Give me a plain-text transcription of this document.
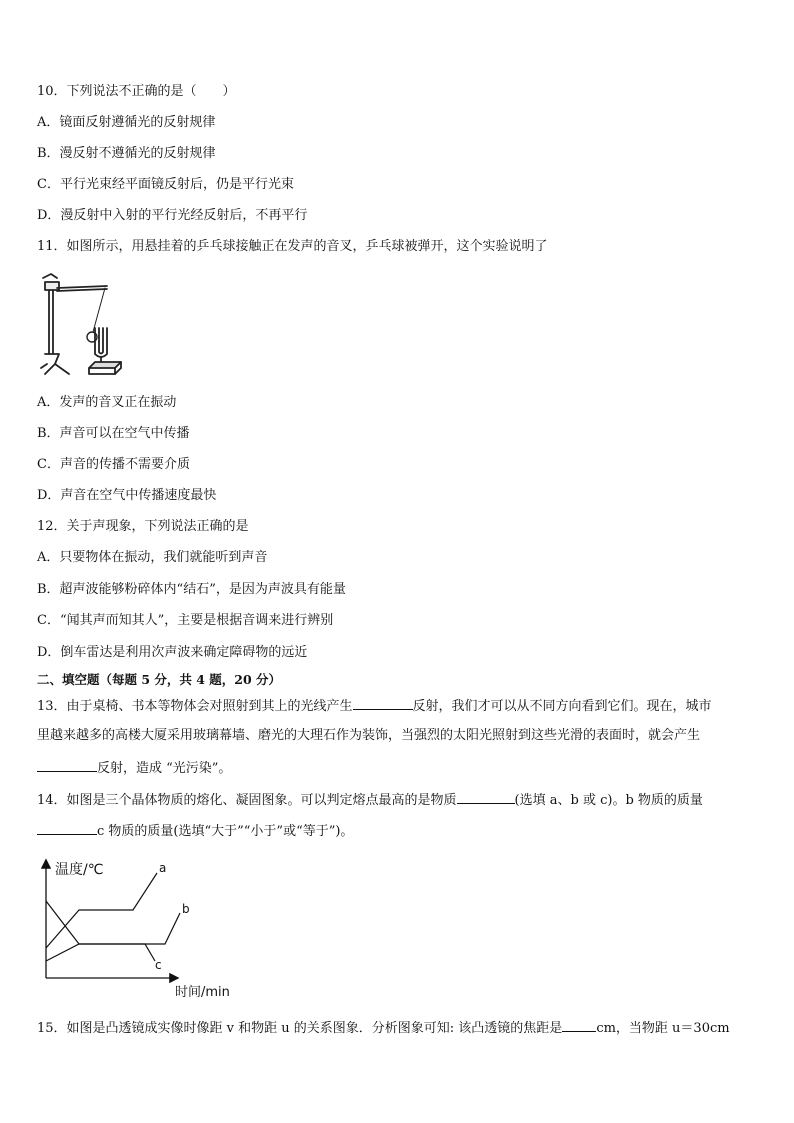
10．下列说法不正确的是（　　）
A．镜面反射遵循光的反射规律
B．漫反射不遵循光的反射规律
C．平行光束经平面镜反射后，仍是平行光束
D．漫反射中入射的平行光经反射后，不再平行
11．如图所示，用悬挂着的乒乓球接触正在发声的音叉，乒乓球被弹开，这个实验说明了
A．发声的音叉正在振动
B．声音可以在空气中传播
C．声音的传播不需要介质
D．声音在空气中传播速度最快
12．关于声现象，下列说法正确的是
A．只要物体在振动，我们就能听到声音
B．超声波能够粉碎体内“结石”，是因为声波具有能量
C．“闻其声而知其人”，主要是根据音调来进行辨别
D．倒车雷达是利用次声波来确定障碍物的远近
二、填空题（每题 5 分，共 4 题，20 分）
13．由于桌椅、书本等物体会对照射到其上的光线产生	反射，我们才可以从不同方向看到它们。现在，城市
里越来越多的高楼大厦采用玻璃幕墙、磨光的大理石作为装饰，当强烈的太阳光照射到这些光滑的表面时，就会产生
反射，造成 “光污染”。
14．如图是三个晶体物质的熔化、凝固图象。可以判定熔点最高的是物质	(选填 a、b 或 c)。b 物质的质量
c 物质的质量(选填“大于”“小于”或“等于”)。
温度/℃
时间/min
a
b
c
15．如图是凸透镜成实像时像距 v 和物距 u 的关系图象．分析图象可知: 该凸透镜的焦距是	cm，当物距 u＝30cm
